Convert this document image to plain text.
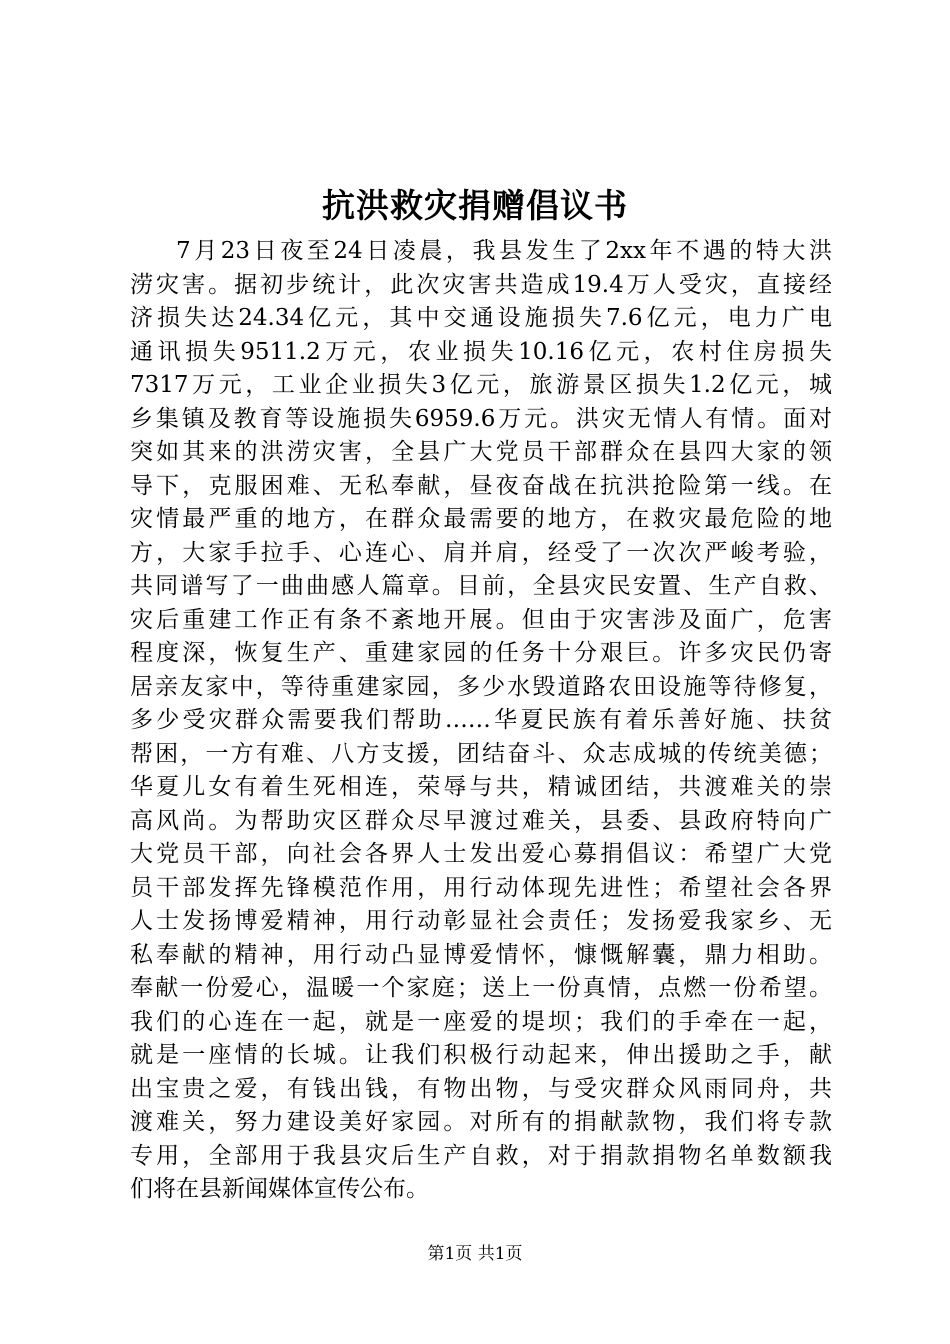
抗洪救灾捐赠倡议书
7月23日夜至24日凌晨，我县发生了2xx年不遇的特大洪
涝灾害。据初步统计，此次灾害共造成19.4万人受灾，直接经
济损失达24.34亿元，其中交通设施损失7.6亿元，电力广电
通讯损失9511.2万元，农业损失10.16亿元，农村住房损失
7317万元，工业企业损失3亿元，旅游景区损失1.2亿元，城
乡集镇及教育等设施损失6959.6万元。洪灾无情人有情。面对
突如其来的洪涝灾害，全县广大党员干部群众在县四大家的领
导下，克服困难、无私奉献，昼夜奋战在抗洪抢险第一线。在
灾情最严重的地方，在群众最需要的地方，在救灾最危险的地
方，大家手拉手、心连心、肩并肩，经受了一次次严峻考验，
共同谱写了一曲曲感人篇章。目前，全县灾民安置、生产自救、
灾后重建工作正有条不紊地开展。但由于灾害涉及面广，危害
程度深，恢复生产、重建家园的任务十分艰巨。许多灾民仍寄
居亲友家中，等待重建家园，多少水毁道路农田设施等待修复，
多少受灾群众需要我们帮助……华夏民族有着乐善好施、扶贫
帮困，一方有难、八方支援，团结奋斗、众志成城的传统美德；
华夏儿女有着生死相连，荣辱与共，精诚团结，共渡难关的崇
高风尚。为帮助灾区群众尽早渡过难关，县委、县政府特向广
大党员干部，向社会各界人士发出爱心募捐倡议：希望广大党
员干部发挥先锋模范作用，用行动体现先进性；希望社会各界
人士发扬博爱精神，用行动彰显社会责任；发扬爱我家乡、无
私奉献的精神，用行动凸显博爱情怀，慷慨解囊，鼎力相助。
奉献一份爱心，温暖一个家庭；送上一份真情，点燃一份希望。
我们的心连在一起，就是一座爱的堤坝；我们的手牵在一起，
就是一座情的长城。让我们积极行动起来，伸出援助之手，献
出宝贵之爱，有钱出钱，有物出物，与受灾群众风雨同舟，共
渡难关，努力建设美好家园。对所有的捐献款物，我们将专款
专用，全部用于我县灾后生产自救，对于捐款捐物名单数额我
们将在县新闻媒体宣传公布。
第1页 共1页
